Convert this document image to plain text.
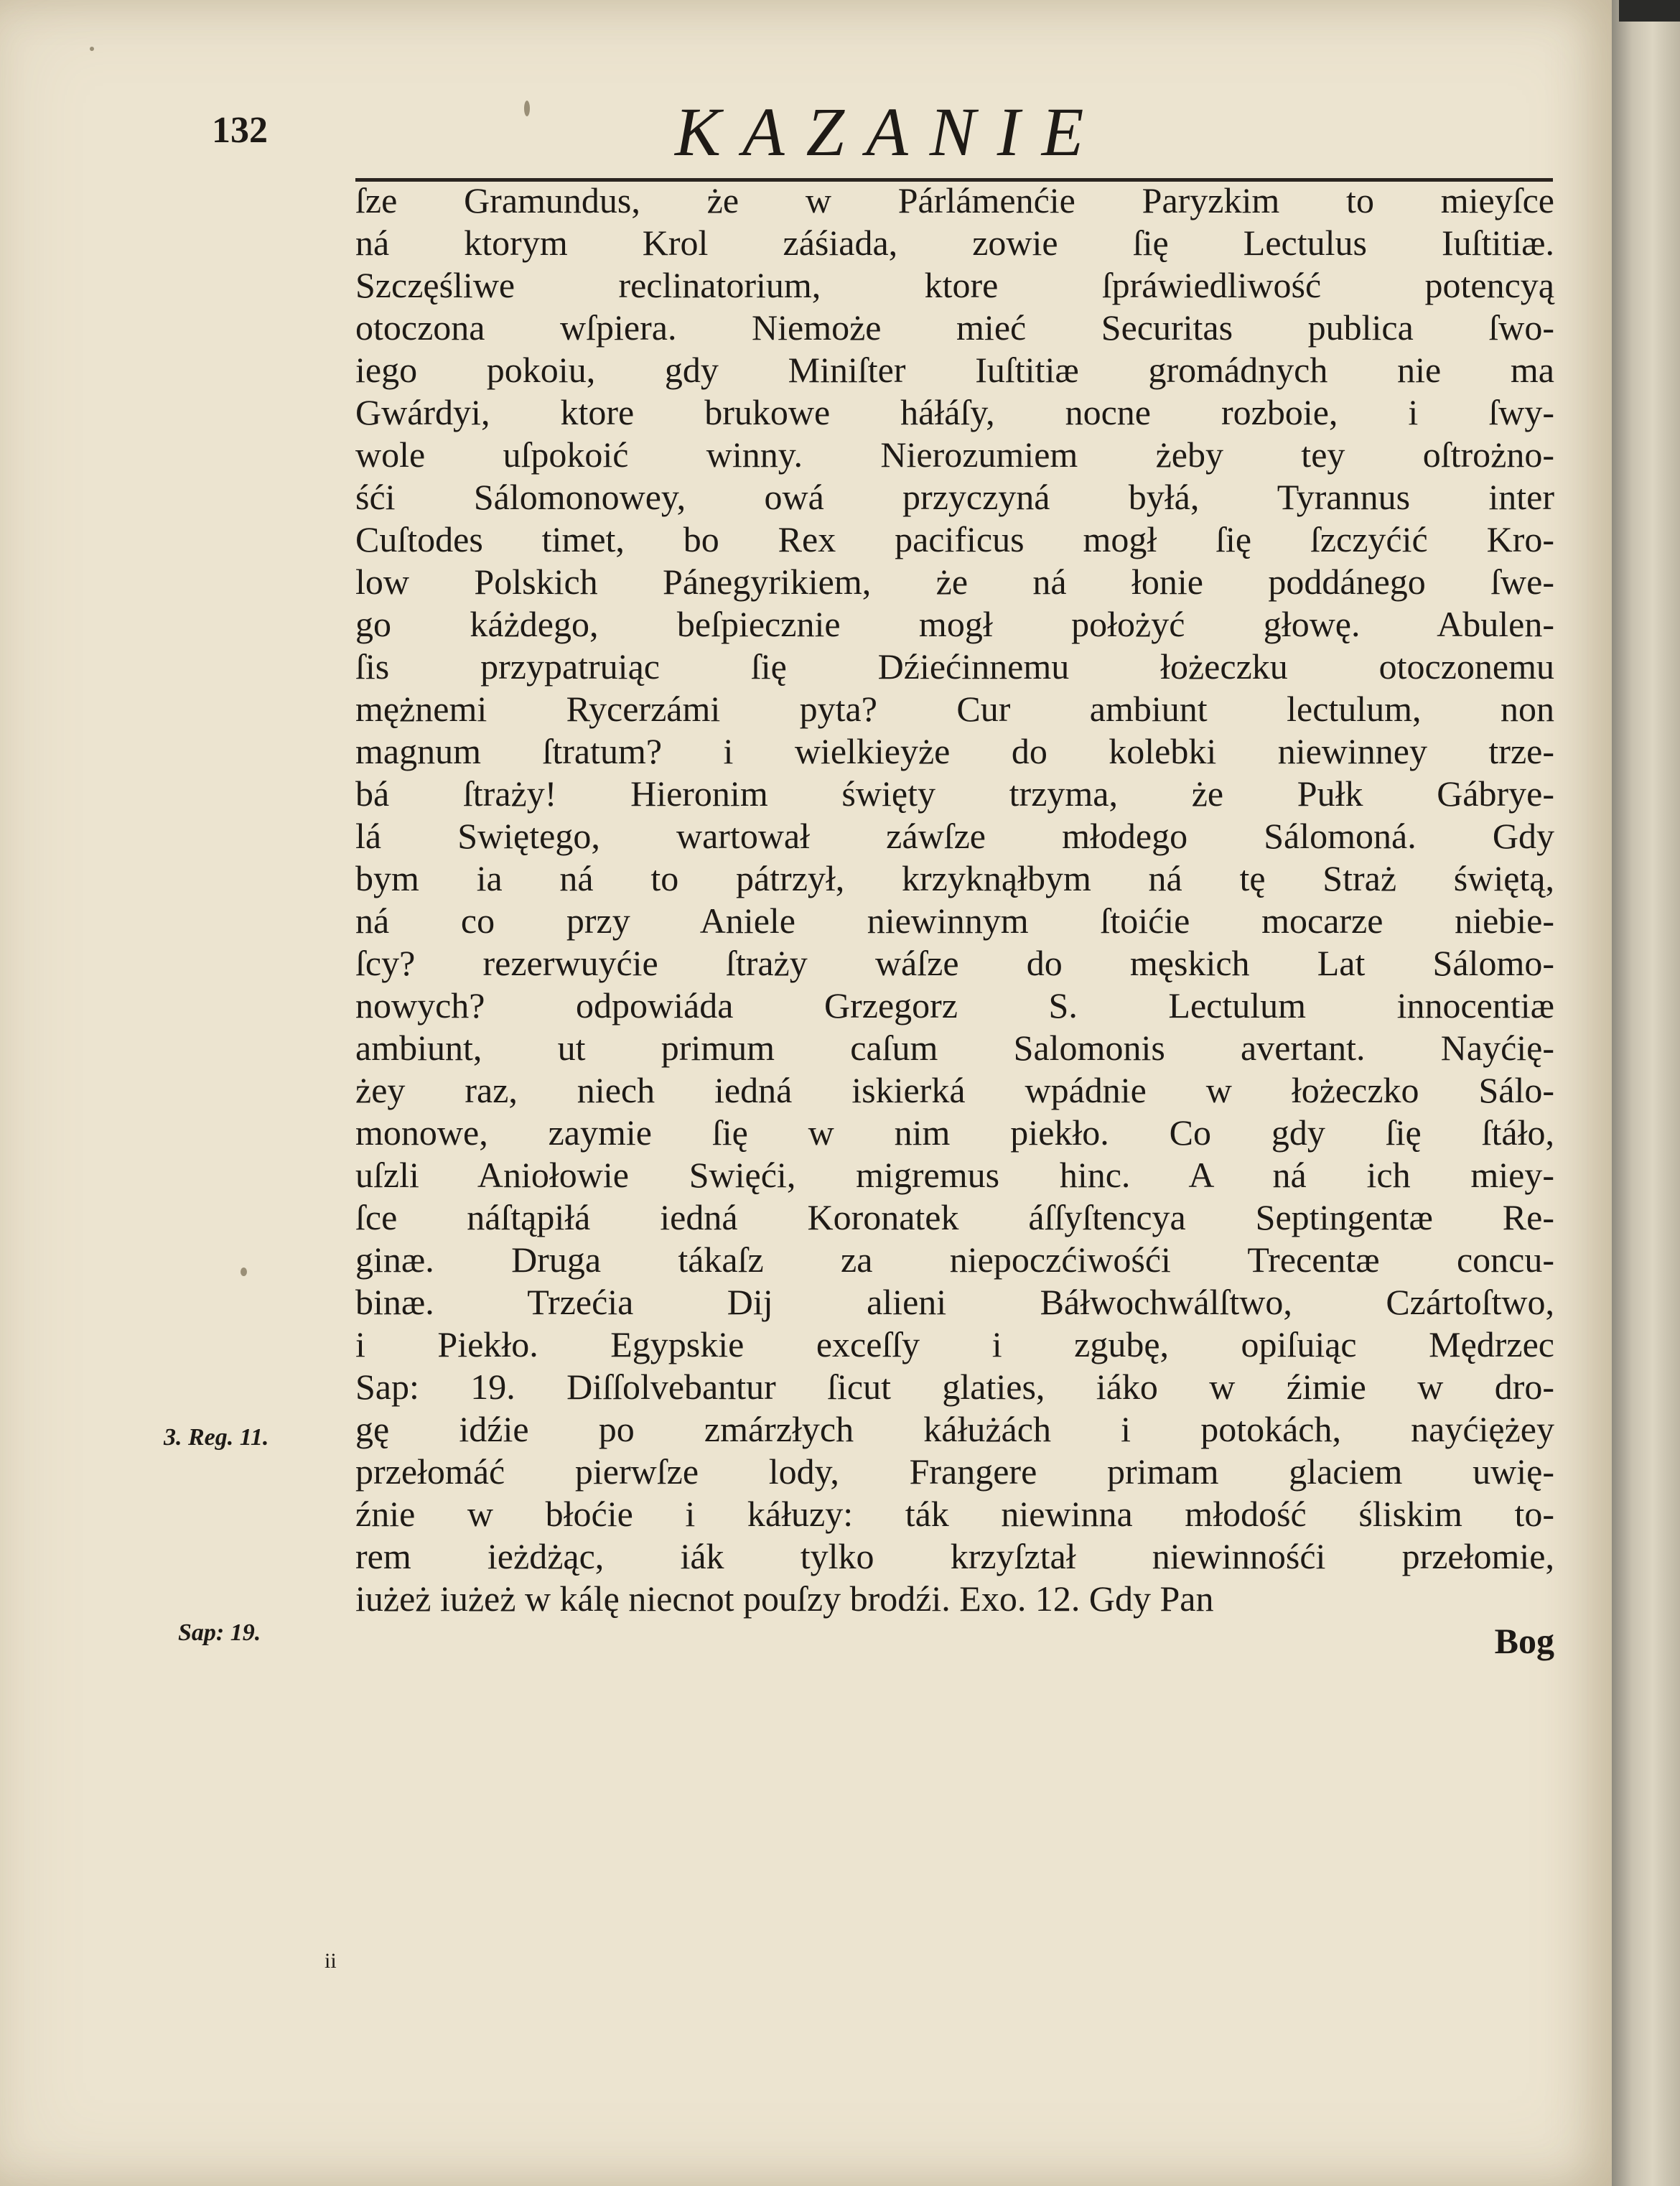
132	KAZANIE
ſze Gramundus, że w Párlámenćie Paryzkim to mieyſce
ná ktorym Krol záśiada, zowie ſię Lectulus Iuſtitiæ.
Szczęśliwe reclinatorium, ktore ſpráwiedliwość potencyą
otoczona wſpiera. Niemoże mieć Securitas publica ſwo-
iego pokoiu, gdy Miniſter Iuſtitiæ gromádnych nie ma
Gwárdyi, ktore brukowe háłáſy, nocne rozboie, i ſwy-
wole uſpokoić winny. Nierozumiem żeby tey oſtrożno-
śći Sálomonowey, owá przyczyná byłá, Tyrannus inter
Cuſtodes timet, bo Rex pacificus mogł ſię ſzczyćić Kro-
low Polskich Pánegyrikiem, że ná łonie poddánego ſwe-
go káżdego, beſpiecznie mogł położyć głowę. Abulen-
ſis przypatruiąc ſię Dźiećinnemu łożeczku otoczonemu
mężnemi Rycerzámi pyta? Cur ambiunt lectulum, non
magnum ſtratum? i wielkieyże do kolebki niewinney trze-
bá ſtraży! Hieronim święty trzyma, że Pułk Gábrye-
lá Swiętego, wartował záwſze młodego Sálomoná. Gdy
bym ia ná to pátrzył, krzyknąłbym ná tę Straż świętą,
ná co przy Aniele niewinnym ſtoićie mocarze niebie-
ſcy? rezerwuyćie ſtraży wáſze do męskich Lat Sálomo-
nowych? odpowiáda Grzegorz S. Lectulum innocentiæ
ambiunt, ut primum caſum Salomonis avertant. Nayćię-
żey raz, niech iedná iskierká wpádnie w łożeczko Sálo-
monowe, zaymie ſię w nim piekło. Co gdy ſię ſtáło,
uſzli Aniołowie Swięći, migremus hinc. A ná ich miey-
ſce náſtąpiłá iedná Koronatek áſſyſtencya Septingentæ Re-
ginæ. Druga tákaſz za niepoczćiwośći Trecentæ concu-
binæ. Trzećia Dij alieni Báłwochwálſtwo, Czártoſtwo,
i Piekło. Egypskie exceſſy i zgubę, opiſuiąc Mędrzec
Sap: 19. Diſſolvebantur ſicut glaties, iáko w źimie w dro-
gę idźie po zmárzłych káłużách i potokách, nayćiężey
przełomáć pierwſze lody, Frangere primam glaciem uwię-
źnie w błoćie i káłuzy: ták niewinna młodość śliskim to-
rem ieżdżąc, iák tylko krzyſztał niewinnośći przełomie,
iużeż iużeż w kálę niecnot pouſzy brodźi. Exo. 12. Gdy Pan
Bog
3. Reg. 11.
Sap: 19.
ii
